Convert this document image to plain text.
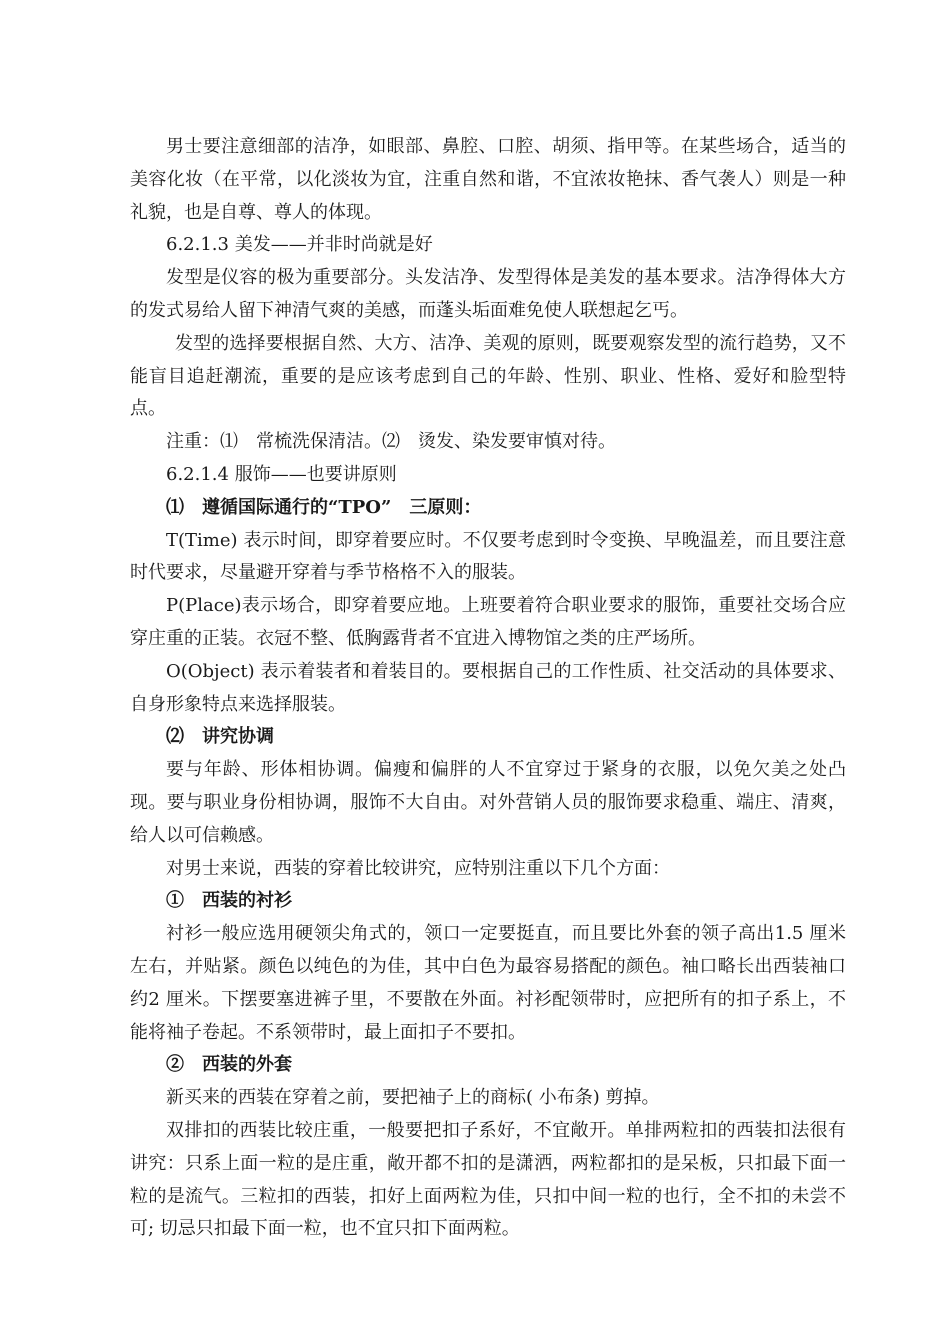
男士要注意细部的洁净，如眼部、鼻腔、口腔、胡须、指甲等。在某些场合，适当的美容化妆（在平常，以化淡妆为宜，注重自然和谐，不宜浓妆艳抹、香气袭人）则是一种礼貌，也是自尊、尊人的体现。

6.2.1.3 美发——并非时尚就是好

发型是仪容的极为重要部分。头发洁净、发型得体是美发的基本要求。洁净得体大方的发式易给人留下神清气爽的美感，而蓬头垢面难免使人联想起乞丐。

发型的选择要根据自然、大方、洁净、美观的原则，既要观察发型的流行趋势，又不能盲目追赶潮流，重要的是应该考虑到自己的年龄、性别、职业、性格、爱好和脸型特点。

注重：⑴　常梳洗保清洁。⑵　烫发、染发要审慎对待。

6.2.1.4 服饰——也要讲原则

⑴　遵循国际通行的“TPO”　三原则：

T(Time) 表示时间，即穿着要应时。不仅要考虑到时令变换、早晚温差，而且要注意时代要求，尽量避开穿着与季节格格不入的服装。

P(Place)表示场合，即穿着要应地。上班要着符合职业要求的服饰，重要社交场合应穿庄重的正装。衣冠不整、低胸露背者不宜进入博物馆之类的庄严场所。

O(Object) 表示着装者和着装目的。要根据自己的工作性质、社交活动的具体要求、自身形象特点来选择服装。

⑵　讲究协调

要与年龄、形体相协调。偏瘦和偏胖的人不宜穿过于紧身的衣服，以免欠美之处凸现。要与职业身份相协调，服饰不大自由。对外营销人员的服饰要求稳重、端庄、清爽，给人以可信赖感。

对男士来说，西装的穿着比较讲究，应特别注重以下几个方面：

①　西装的衬衫

衬衫一般应选用硬领尖角式的，领口一定要挺直，而且要比外套的领子高出1.5 厘米左右，并贴紧。颜色以纯色的为佳，其中白色为最容易搭配的颜色。袖口略长出西装袖口约2 厘米。下摆要塞进裤子里，不要散在外面。衬衫配领带时，应把所有的扣子系上，不能将袖子卷起。不系领带时，最上面扣子不要扣。

②　西装的外套

新买来的西装在穿着之前，要把袖子上的商标( 小布条) 剪掉。

双排扣的西装比较庄重，一般要把扣子系好，不宜敞开。单排两粒扣的西装扣法很有讲究：只系上面一粒的是庄重，敞开都不扣的是潇洒，两粒都扣的是呆板，只扣最下面一粒的是流气。三粒扣的西装，扣好上面两粒为佳，只扣中间一粒的也行，全不扣的未尝不可; 切忌只扣最下面一粒，也不宜只扣下面两粒。
